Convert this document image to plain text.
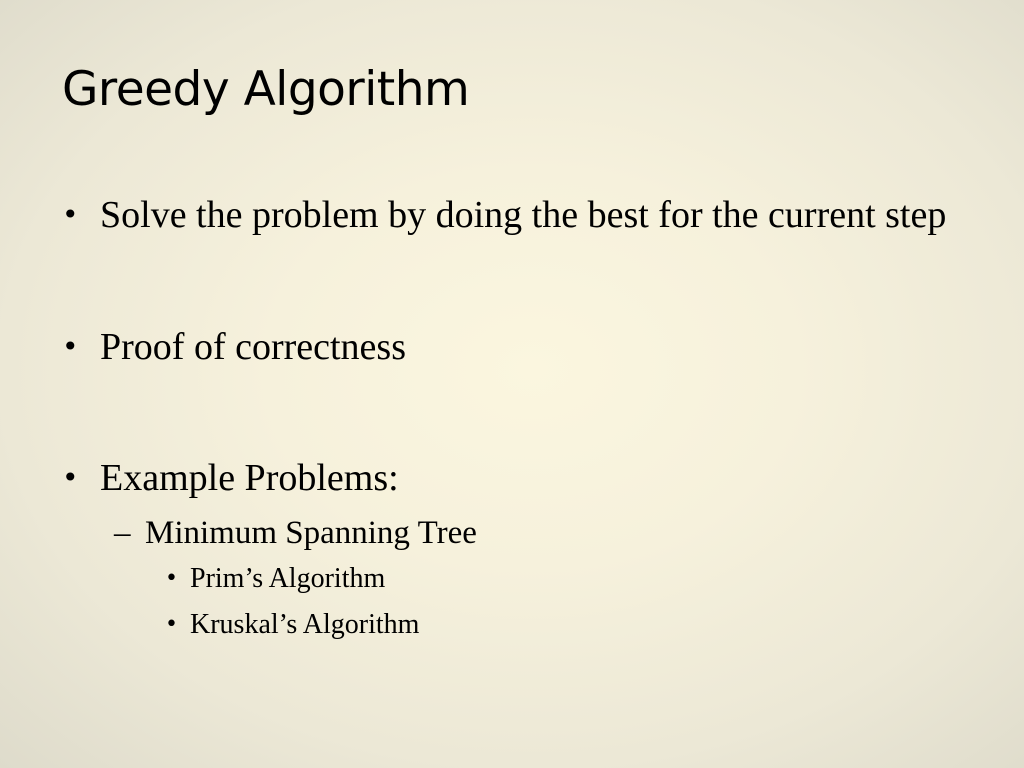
Greedy Algorithm
• Solve the problem by doing the best for the current step
• Proof of correctness
• Example Problems:
– Minimum Spanning Tree
• Prim’s Algorithm
• Kruskal’s Algorithm
